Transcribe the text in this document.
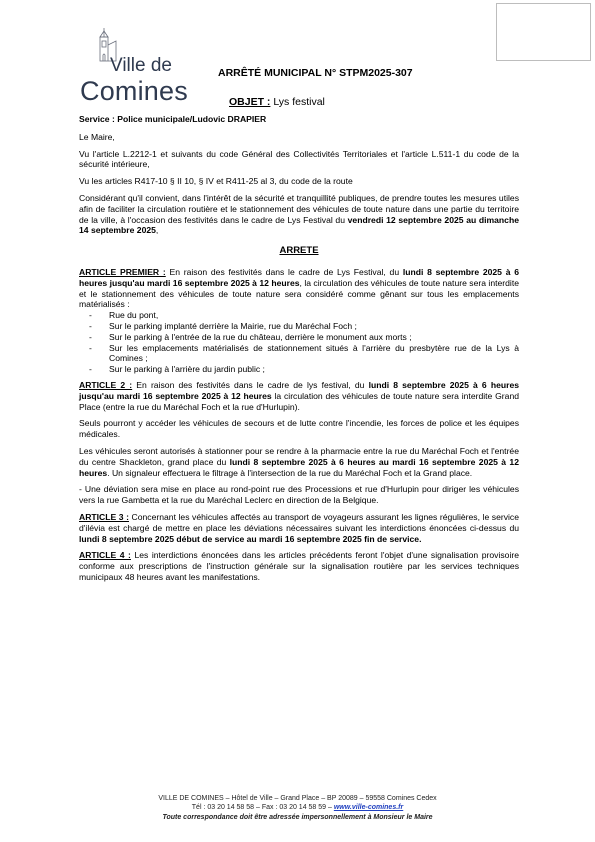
Ville de
Comines
ARRÊTÉ MUNICIPAL N° STPM2025-307
OBJET : Lys festival

Service : Police municipale/Ludovic DRAPIER

Le Maire,

Vu l'article L.2212-1 et suivants du code Général des Collectivités Territoriales et l'article L.511-1 du code de la sécurité intérieure,

Vu les articles R417-10 § II 10, § IV et R411-25 al 3, du code de la route

Considérant qu'il convient, dans l'intérêt de la sécurité et tranquillité publiques, de prendre toutes les mesures utiles afin de faciliter la circulation routière et le stationnement des véhicules de toute nature dans une partie du territoire de la ville, à l'occasion des festivités dans le cadre de Lys Festival du vendredi 12 septembre 2025 au dimanche 14 septembre 2025,

ARRETE

ARTICLE PREMIER : En raison des festivités dans le cadre de Lys Festival, du lundi 8 septembre 2025 à 6 heures jusqu'au mardi 16 septembre 2025 à 12 heures, la circulation des véhicules de toute nature sera interdite et le stationnement des véhicules de toute nature sera considéré comme gênant sur tous les emplacements matérialisés :

- Rue du pont,
- Sur le parking implanté derrière la Mairie, rue du Maréchal Foch ;
- Sur le parking à l'entrée de la rue du château, derrière le monument aux morts ;
- Sur les emplacements matérialisés de stationnement situés à l'arrière du presbytère rue de la Lys à Comines ;
- Sur le parking à l'arrière du jardin public ;

ARTICLE 2 : En raison des festivités dans le cadre de lys festival, du lundi 8 septembre 2025 à 6 heures jusqu'au mardi 16 septembre 2025 à 12 heures la circulation des véhicules de toute nature sera interdite Grand Place (entre la rue du Maréchal Foch et la rue d'Hurlupin).

Seuls pourront y accéder les véhicules de secours et de lutte contre l'incendie, les forces de police et les équipes médicales.

Les véhicules seront autorisés à stationner pour se rendre à la pharmacie entre la rue du Maréchal Foch et l'entrée du centre Shackleton, grand place du lundi 8 septembre 2025 à 6 heures au mardi 16 septembre 2025 à 12 heures. Un signaleur effectuera le filtrage à l'intersection de la rue du Maréchal Foch et la Grand place.

- Une déviation sera mise en place au rond-point rue des Processions et rue d'Hurlupin pour diriger les véhicules vers la rue Gambetta et la rue du Maréchal Leclerc en direction de la Belgique.

ARTICLE 3 : Concernant les véhicules affectés au transport de voyageurs assurant les lignes régulières, le service d'ilévia est chargé de mettre en place les déviations nécessaires suivant les interdictions énoncées ci-dessus du lundi 8 septembre 2025 début de service au mardi 16 septembre 2025 fin de service.

ARTICLE 4 : Les interdictions énoncées dans les articles précédents feront l'objet d'une signalisation provisoire conforme aux prescriptions de l'instruction générale sur la signalisation routière par les services techniques municipaux 48 heures avant les manifestations.

VILLE DE COMINES – Hôtel de Ville – Grand Place – BP 20089 – 59558 Comines Cedex
Tél : 03 20 14 58 58 – Fax : 03 20 14 58 59 – www.ville-comines.fr
Toute correspondance doit être adressée impersonnellement à Monsieur le Maire
